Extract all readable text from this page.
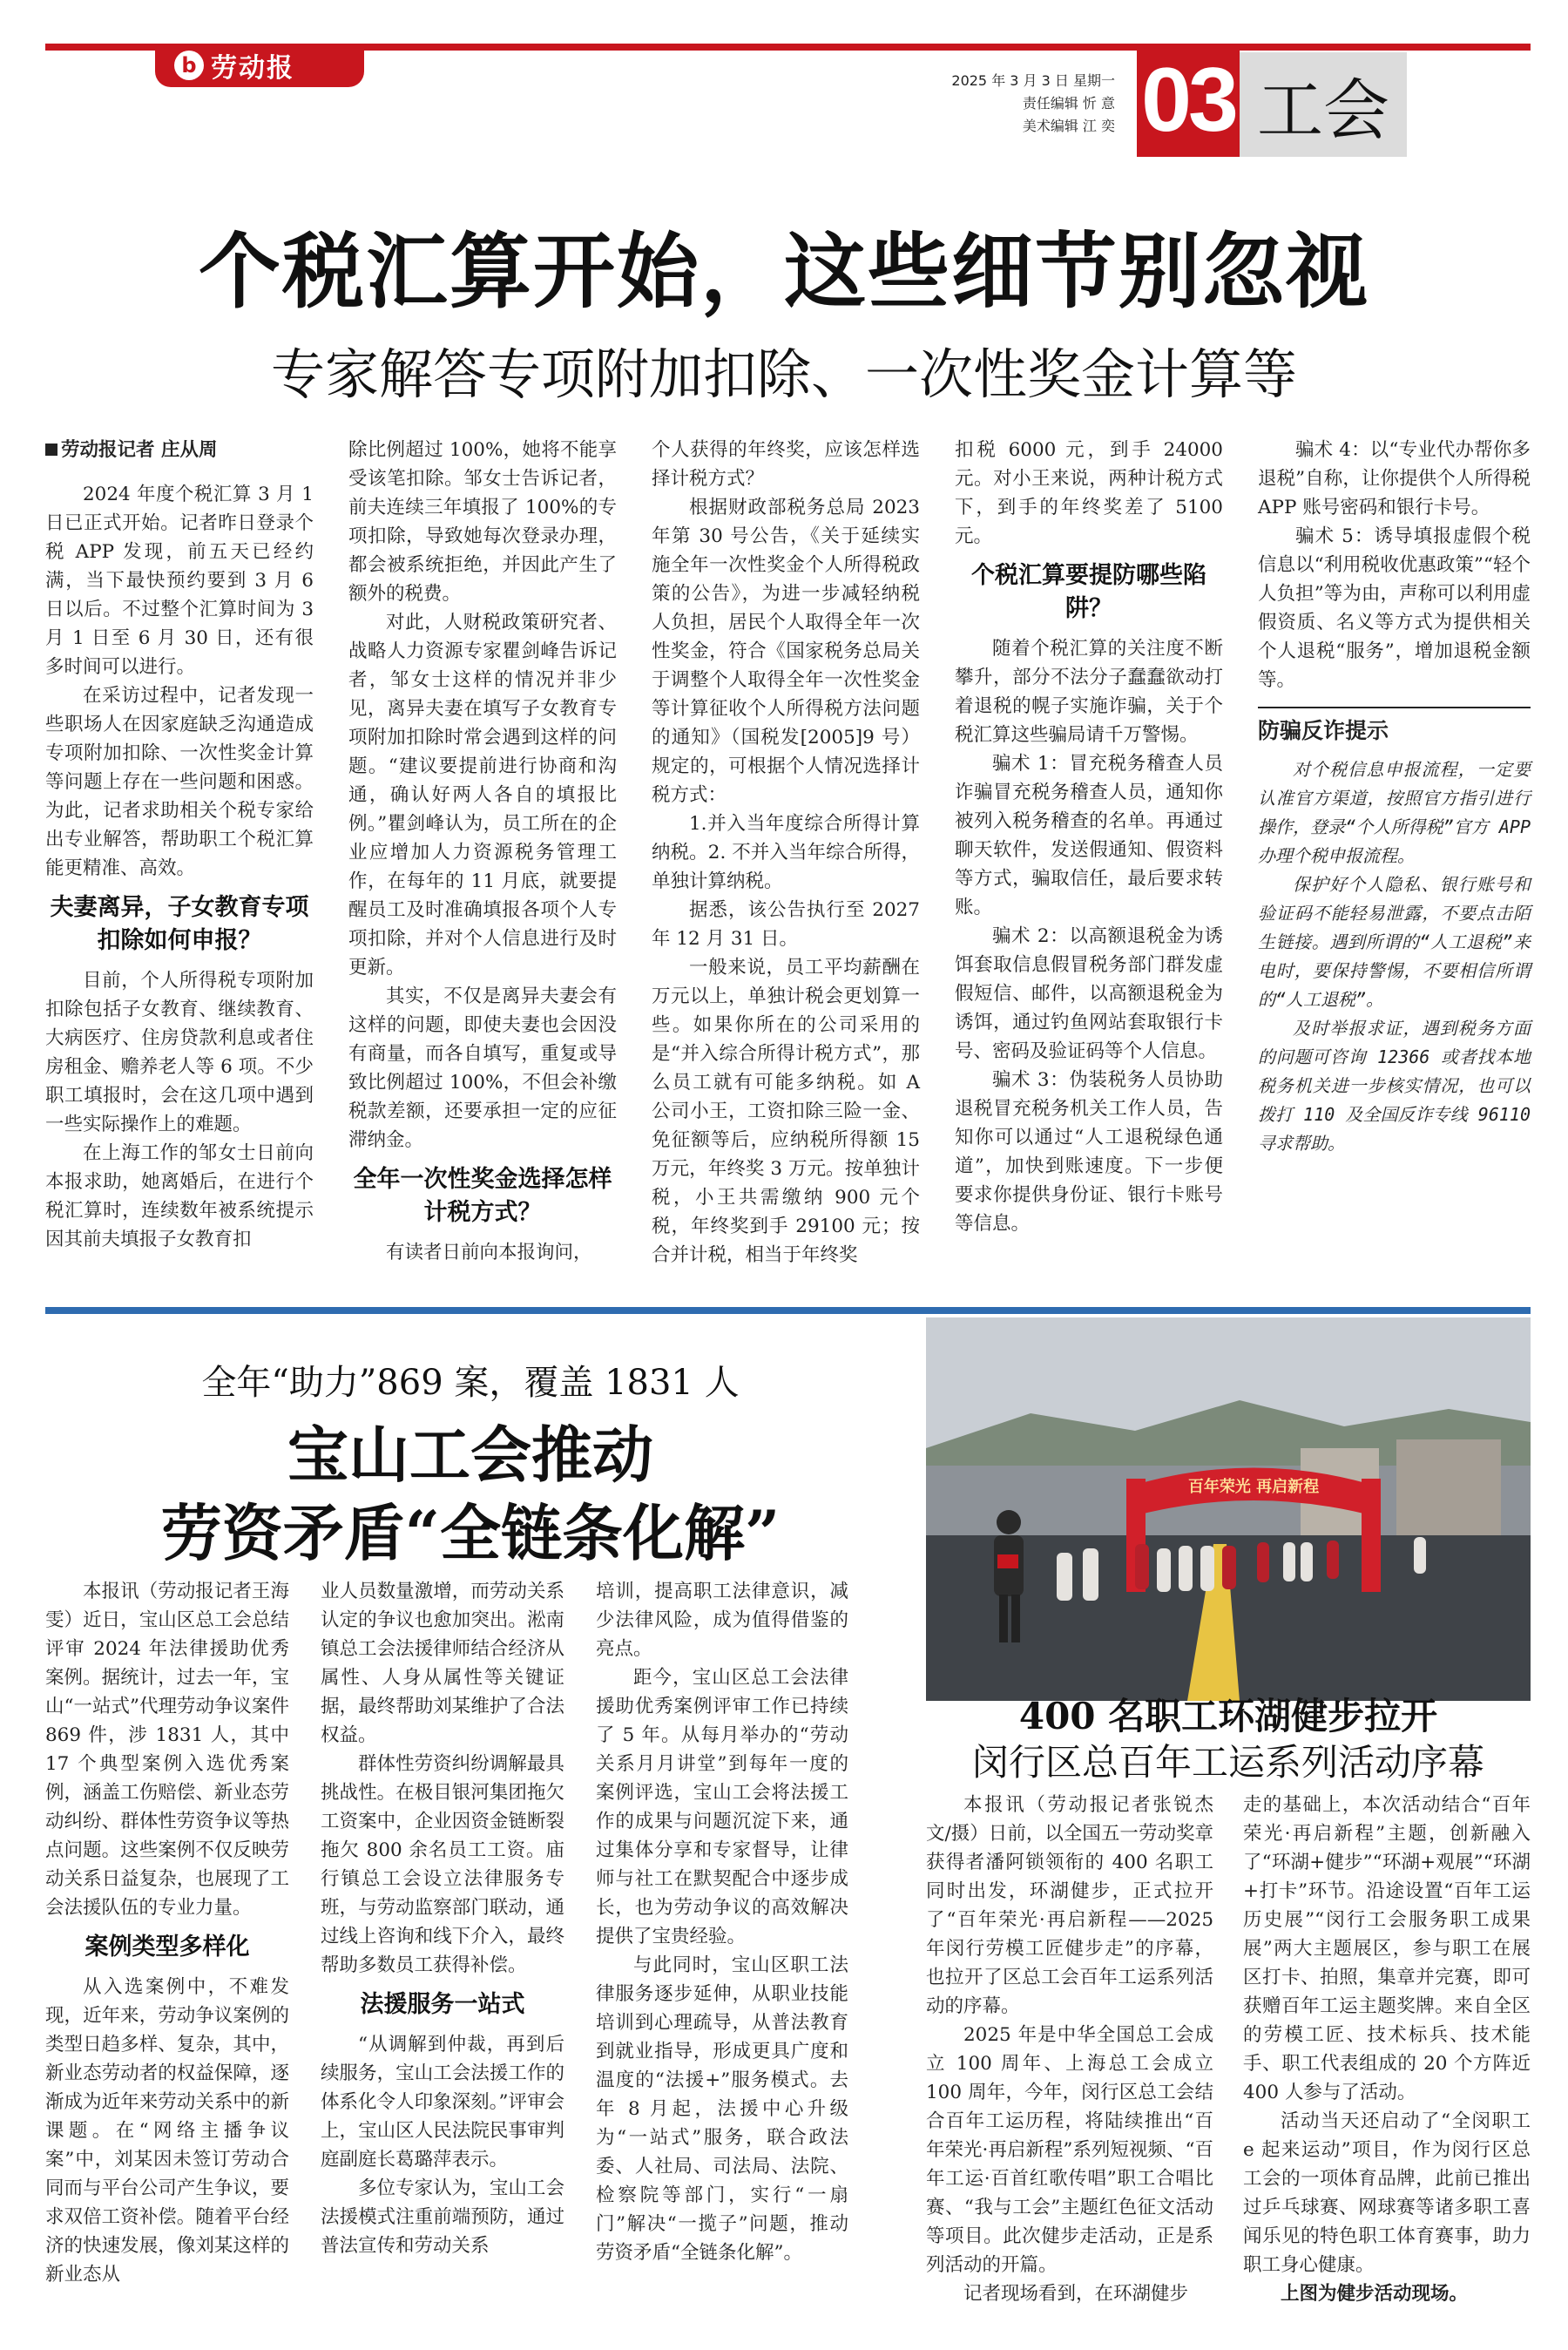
b 劳动报	2025 年 3 月 3 日 星期一
责任编辑 忻 意
美术编辑 江 奕 03 工会
个税汇算开始，这些细节别忽视
专家解答专项附加扣除、一次性奖金计算等

劳动报记者 庄从周

2024 年度个税汇算 3 月 1 日已正式开始。记者昨日登录个税 APP 发现，前五天已经约满，当下最快预约要到 3 月 6 日以后。不过整个汇算时间为 3 月 1 日至 6 月 30 日，还有很多时间可以进行。

在采访过程中，记者发现一些职场人在因家庭缺乏沟通造成专项附加扣除、一次性奖金计算等问题上存在一些问题和困惑。为此，记者求助相关个税专家给出专业解答，帮助职工个税汇算能更精准、高效。

夫妻离异，子女教育专项扣除如何申报？

目前，个人所得税专项附加扣除包括子女教育、继续教育、大病医疗、住房贷款利息或者住房租金、赡养老人等 6 项。不少职工填报时，会在这几项中遇到一些实际操作上的难题。

在上海工作的邹女士日前向本报求助，她离婚后，在进行个税汇算时，连续数年被系统提示因其前夫填报子女教育扣

除比例超过 100%，她将不能享受该笔扣除。邹女士告诉记者，前夫连续三年填报了 100%的专项扣除，导致她每次登录办理，都会被系统拒绝，并因此产生了额外的税费。

对此，人财税政策研究者、战略人力资源专家瞿剑峰告诉记者，邹女士这样的情况并非少见，离异夫妻在填写子女教育专项附加扣除时常会遇到这样的问题。“建议要提前进行协商和沟通，确认好两人各自的填报比例。”瞿剑峰认为，员工所在的企业应增加人力资源税务管理工作，在每年的 11 月底，就要提醒员工及时准确填报各项个人专项扣除，并对个人信息进行及时更新。

其实，不仅是离异夫妻会有这样的问题，即使夫妻也会因没有商量，而各自填写，重复或导致比例超过 100%，不但会补缴税款差额，还要承担一定的应征滞纳金。

全年一次性奖金选择怎样计税方式？

有读者日前向本报询问，

个人获得的年终奖，应该怎样选择计税方式？

根据财政部税务总局 2023 年第 30 号公告，《关于延续实施全年一次性奖金个人所得税政策的公告》，为进一步减轻纳税人负担，居民个人取得全年一次性奖金，符合《国家税务总局关于调整个人取得全年一次性奖金等计算征收个人所得税方法问题的通知》（国税发[2005]9 号）规定的，可根据个人情况选择计税方式：

1.并入当年度综合所得计算纳税。2. 不并入当年综合所得，单独计算纳税。

据悉，该公告执行至 2027 年 12 月 31 日。

一般来说，员工平均薪酬在万元以上，单独计税会更划算一些。如果你所在的公司采用的是“并入综合所得计税方式”，那么员工就有可能多纳税。如 A 公司小王，工资扣除三险一金、免征额等后，应纳税所得额 15 万元，年终奖 3 万元。按单独计税，小王共需缴纳 900 元个税，年终奖到手 29100 元；按合并计税，相当于年终奖

扣税 6000 元，到手 24000 元。对小王来说，两种计税方式下，到手的年终奖差了 5100 元。

个税汇算要提防哪些陷阱？

随着个税汇算的关注度不断攀升，部分不法分子蠢蠢欲动打着退税的幌子实施诈骗，关于个税汇算这些骗局请千万警惕。

骗术 1：冒充税务稽查人员诈骗冒充税务稽查人员，通知你被列入税务稽查的名单。再通过聊天软件，发送假通知、假资料等方式，骗取信任，最后要求转账。

骗术 2：以高额退税金为诱饵套取信息假冒税务部门群发虚假短信、邮件，以高额退税金为诱饵，通过钓鱼网站套取银行卡号、密码及验证码等个人信息。

骗术 3：伪装税务人员协助退税冒充税务机关工作人员，告知你可以通过“人工退税绿色通道”，加快到账速度。下一步便要求你提供身份证、银行卡账号等信息。

骗术 4：以“专业代办帮你多退税”自称，让你提供个人所得税 APP 账号密码和银行卡号。

骗术 5：诱导填报虚假个税信息以“利用税收优惠政策”“轻个人负担”等为由，声称可以利用虚假资质、名义等方式为提供相关个人退税“服务”，增加退税金额等。

防骗反诈提示

对个税信息申报流程，一定要认准官方渠道，按照官方指引进行操作，登录“个人所得税”官方 APP 办理个税申报流程。

保护好个人隐私、银行账号和验证码不能轻易泄露，不要点击陌生链接。遇到所谓的“人工退税”来电时，要保持警惕，不要相信所谓的“人工退税”。

及时举报求证，遇到税务方面的问题可咨询 12366 或者找本地税务机关进一步核实情况，也可以拨打 110 及全国反诈专线 96110 寻求帮助。

全年“助力”869 案，覆盖 1831 人
宝山工会推动
劳资矛盾“全链条化解”

本报讯（劳动报记者王海雯）近日，宝山区总工会总结评审 2024 年法律援助优秀案例。据统计，过去一年，宝山“一站式”代理劳动争议案件 869 件，涉 1831 人，其中 17 个典型案例入选优秀案例，涵盖工伤赔偿、新业态劳动纠纷、群体性劳资争议等热点问题。这些案例不仅反映劳动关系日益复杂，也展现了工会法援队伍的专业力量。

案例类型多样化

从入选案例中，不难发现，近年来，劳动争议案例的类型日趋多样、复杂，其中，新业态劳动者的权益保障，逐渐成为近年来劳动关系中的新课题。在“网络主播争议案”中，刘某因未签订劳动合同而与平台公司产生争议，要求双倍工资补偿。随着平台经济的快速发展，像刘某这样的新业态从

业人员数量激增，而劳动关系认定的争议也愈加突出。淞南镇总工会法援律师结合经济从属性、人身从属性等关键证据，最终帮助刘某维护了合法权益。

群体性劳资纠纷调解最具挑战性。在极目银河集团拖欠工资案中，企业因资金链断裂拖欠 800 余名员工工资。庙行镇总工会设立法律服务专班，与劳动监察部门联动，通过线上咨询和线下介入，最终帮助多数员工获得补偿。

法援服务一站式

“从调解到仲裁，再到后续服务，宝山工会法援工作的体系化令人印象深刻。”评审会上，宝山区人民法院民事审判庭副庭长葛璐萍表示。

多位专家认为，宝山工会法援模式注重前端预防，通过普法宣传和劳动关系

培训，提高职工法律意识，减少法律风险，成为值得借鉴的亮点。

距今，宝山区总工会法律援助优秀案例评审工作已持续了 5 年。从每月举办的“劳动关系月月讲堂”到每年一度的案例评选，宝山工会将法援工作的成果与问题沉淀下来，通过集体分享和专家督导，让律师与社工在默契配合中逐步成长，也为劳动争议的高效解决提供了宝贵经验。

与此同时，宝山区职工法律服务逐步延伸，从职业技能培训到心理疏导，从普法教育到就业指导，形成更具广度和温度的“法援+”服务模式。去年 8 月起，法援中心升级为“一站式”服务，联合政法委、人社局、司法局、法院、检察院等部门，实行“一扇门”解决“一揽子”问题，推动劳资矛盾“全链条化解”。

百年荣光 再启新程
400 名职工环湖健步拉开
闵行区总百年工运系列活动序幕

本报讯（劳动报记者张锐杰 文/摄）日前，以全国五一劳动奖章获得者潘阿锁领衔的 400 名职工同时出发，环湖健步，正式拉开了“百年荣光·再启新程——2025 年闵行劳模工匠健步走”的序幕，也拉开了区总工会百年工运系列活动的序幕。

2025 年是中华全国总工会成立 100 周年、上海总工会成立 100 周年，今年，闵行区总工会结合百年工运历程，将陆续推出“百年荣光·再启新程”系列短视频、“百年工运·百首红歌传唱”职工合唱比赛、“我与工会”主题红色征文活动等项目。此次健步走活动，正是系列活动的开篇。

记者现场看到，在环湖健步

走的基础上，本次活动结合“百年荣光·再启新程”主题，创新融入了“环湖+健步”“环湖+观展”“环湖+打卡”环节。沿途设置“百年工运历史展”“闵行工会服务职工成果展”两大主题展区，参与职工在展区打卡、拍照，集章并完赛，即可获赠百年工运主题奖牌。来自全区的劳模工匠、技术标兵、技术能手、职工代表组成的 20 个方阵近 400 人参与了活动。

活动当天还启动了“全闵职工 e 起来运动”项目，作为闵行区总工会的一项体育品牌，此前已推出过乒乓球赛、网球赛等诸多职工喜闻乐见的特色职工体育赛事，助力职工身心健康。

上图为健步活动现场。
